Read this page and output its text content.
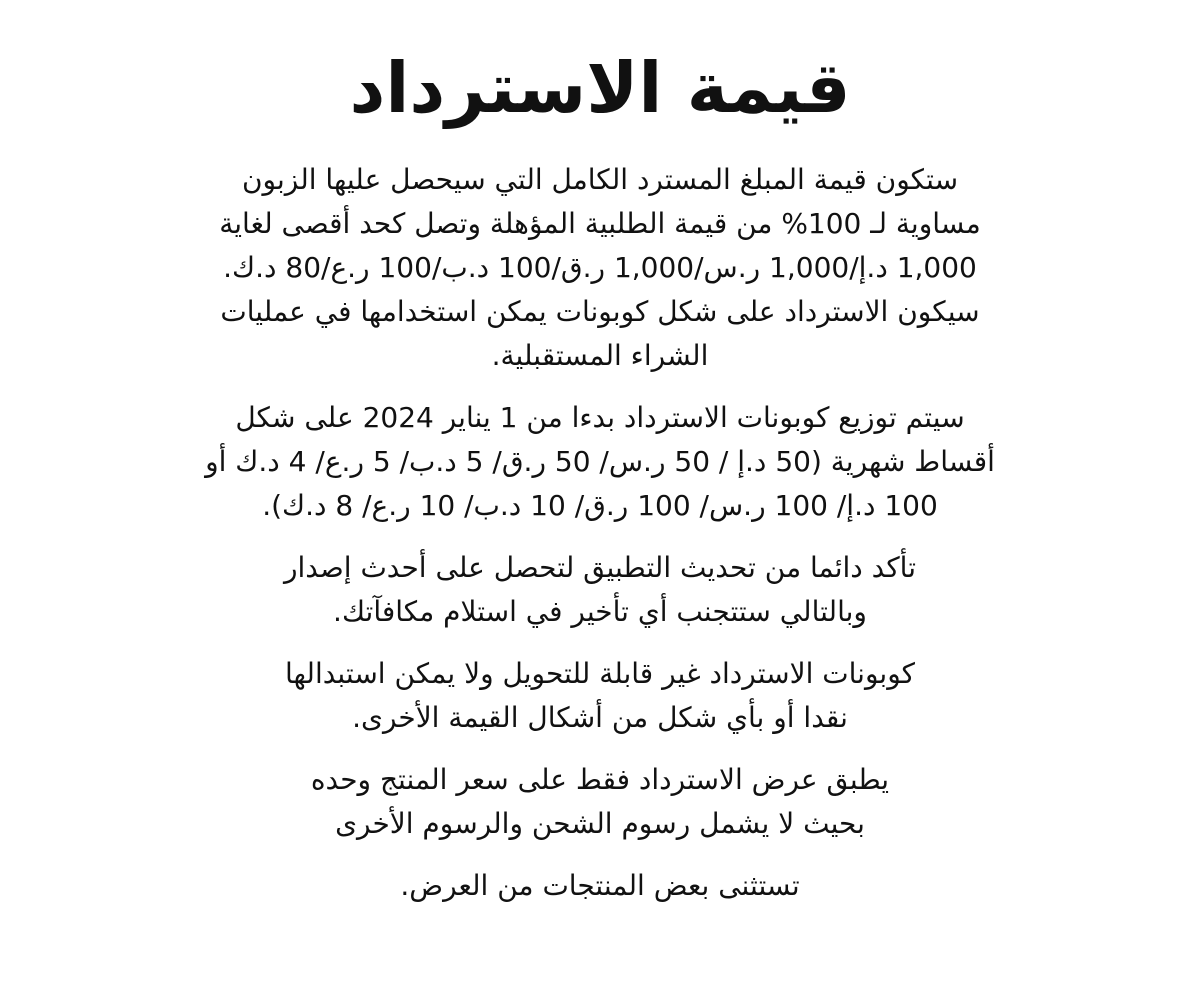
قيمة الاسترداد

ستكون قيمة المبلغ المسترد الكامل التي سيحصل عليها الزبون
مساوية لـ 100% من قيمة الطلبية المؤهلة وتصل كحد أقصى لغاية
1,000 د.إ/1,000 ر.س/1,000 ر.ق/100 د.ب/100 ر.ع/80 د.ك.
سيكون الاسترداد على شكل كوبونات يمكن استخدامها في عمليات
الشراء المستقبلية.

سيتم توزيع كوبونات الاسترداد بدءا من 1 يناير 2024 على شكل
أقساط شهرية (50 د.إ / 50 ر.س/ 50 ر.ق/ 5 د.ب/ 5 ر.ع/ 4 د.ك أو
100 د.إ/ 100 ر.س/ 100 ر.ق/ 10 د.ب/ 10 ر.ع/ 8 د.ك).

تأكد دائما من تحديث التطبيق لتحصل على أحدث إصدار
وبالتالي ستتجنب أي تأخير في استلام مكافآتك.

كوبونات الاسترداد غير قابلة للتحويل ولا يمكن استبدالها
نقدا أو بأي شكل من أشكال القيمة الأخرى.

يطبق عرض الاسترداد فقط على سعر المنتج وحده
بحيث لا يشمل رسوم الشحن والرسوم الأخرى

تستثنى بعض المنتجات من العرض.
